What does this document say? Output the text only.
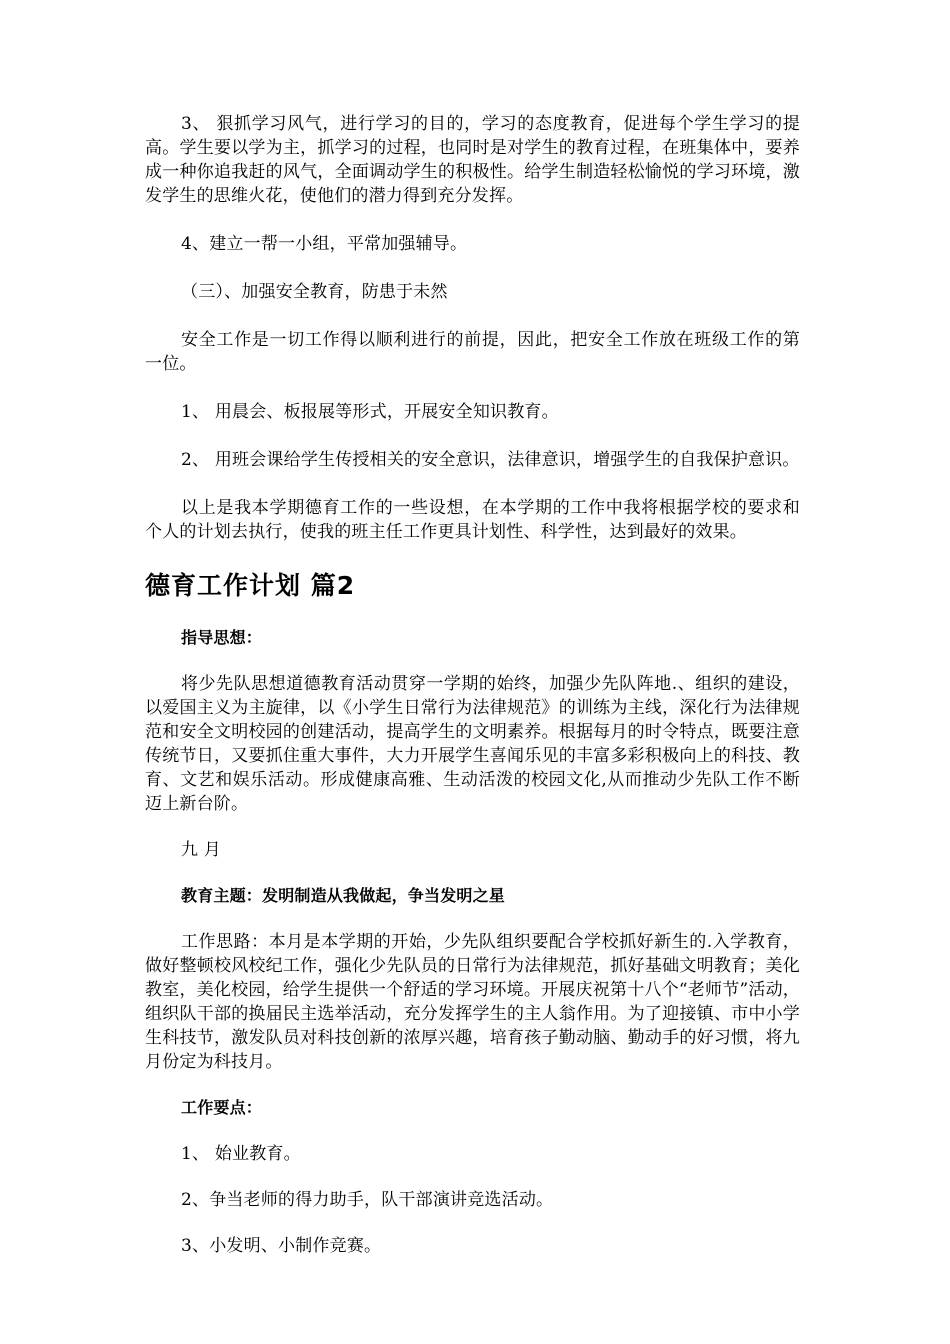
3、 狠抓学习风气，进行学习的目的，学习的态度教育，促进每个学生学习的提高。学生要以学为主，抓学习的过程，也同时是对学生的教育过程，在班集体中，要养成一种你追我赶的风气，全面调动学生的积极性。给学生制造轻松愉悦的学习环境，激发学生的思维火花，使他们的潜力得到充分发挥。

4、建立一帮一小组，平常加强辅导。

（三）、加强安全教育，防患于未然

安全工作是一切工作得以顺利进行的前提，因此，把安全工作放在班级工作的第一位。

1、 用晨会、板报展等形式，开展安全知识教育。

2、 用班会课给学生传授相关的安全意识，法律意识，增强学生的自我保护意识。

以上是我本学期德育工作的一些设想，在本学期的工作中我将根据学校的要求和个人的计划去执行，使我的班主任工作更具计划性、科学性，达到最好的效果。

德育工作计划 篇2

指导思想：

将少先队思想道德教育活动贯穿一学期的始终，加强少先队阵地.、组织的建设，以爱国主义为主旋律，以《小学生日常行为法律规范》的训练为主线，深化行为法律规范和安全文明校园的创建活动，提高学生的文明素养。根据每月的时令特点，既要注意传统节日，又要抓住重大事件，大力开展学生喜闻乐见的丰富多彩积极向上的科技、教育、文艺和娱乐活动。形成健康高雅、生动活泼的校园文化,从而推动少先队工作不断迈上新台阶。

九 月

教育主题：发明制造从我做起，争当发明之星

工作思路：本月是本学期的开始，少先队组织要配合学校抓好新生的.入学教育，做好整顿校风校纪工作，强化少先队员的日常行为法律规范，抓好基础文明教育；美化教室，美化校园，给学生提供一个舒适的学习环境。开展庆祝第十八个“老师节”活动，组织队干部的换届民主选举活动，充分发挥学生的主人翁作用。为了迎接镇、市中小学生科技节，激发队员对科技创新的浓厚兴趣，培育孩子勤动脑、勤动手的好习惯，将九月份定为科技月。

工作要点：

1、 始业教育。

2、争当老师的得力助手，队干部演讲竞选活动。

3、小发明、小制作竞赛。
